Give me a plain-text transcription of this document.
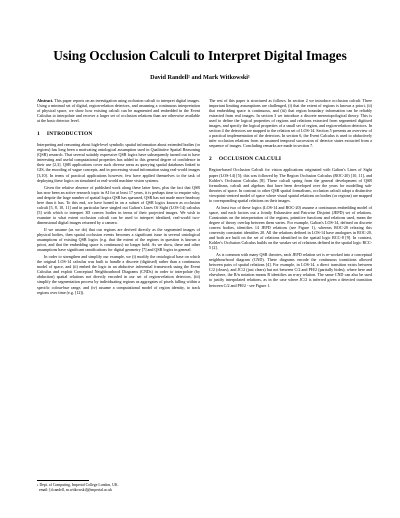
Using Occlusion Calculi to Interpret Digital Images
David Randell¹ and Mark Witkowski¹

Abstract. This paper reports on an investigation using occlusion calculi to interpret digital images. Using a minimal set of digital, region-relation detectors, and assuming a continuous interpretation of physical space, we show how existing calculi can be augmented and embedded in the Event Calculus to interpolate and recover a larger set of occlusion relations than are otherwise available at the basic detector level.

1 INTRODUCTION

Interpreting and reasoning about high-level symbolic spatial information about extended bodies (or regions) has long been a motivating ontological assumption used in Qualitative Spatial Reasoning (QSR) research. That several suitably expressive QSR logics have subsequently turned out to have interesting and useful computational properties has added to this general degree of confidence in their use [2,3]. QSR applications cover such diverse areas as querying spatial databases linked to GIS, the encoding of vague concepts, and in processing visual information using real-world images [3,10]. In terms of practical applications however, few have applied themselves to the task of deploying these logics on simulated or real-world machine vision systems.

Given the relative absence of published work along these latter lines, plus the fact that QSR has now been an active research topic in AI for at least 17 years, it is perhaps time to enquire why, and despite the large number of spatial logics QSR has spawned, QSR has not made more headway here than it has. To this end, we have honed in on a subset of QSR logics known as occlusion calculi [5, 8, 10, 11] and in particular have singled out Galton's Lines Of Sight (LOS-14) calculus [5] with which to interpret 3D convex bodies in terms of their projected images. We wish to examine to what extent occlusion calculi can be used to interpret idealised, real-world two-dimensional digital images returned by a camera.

If we assume (as we do) that our regions are derived directly as the segmented images of physical bodies, then spatial occlusion events becomes a significant issue in several ontological assumptions of existing QSR logics (e.g. that the extent of the regions in question is known a priori, and that the embedding space is continuous) no longer hold. As we show, these and other assumptions have significant ramifications for digital geometry [7] and QSR logics in general.

In order to strengthen and simplify our example, we (i) modify the ontological base on which the original LOS-14 calculus was built to handle a discrete (digitised) rather than a continuous model of space, and (ii) embed the logic in an abductive inferential framework using the Event Calculus and exploit Conceptual Neighbourhood Diagrams (CNDs) in order to interpolate (by abduction) spatial relations not directly encoded in our set of region-relation detectors, (iii) simplify the segmentation process by individuating regions as aggregates of pixels falling within a specific colour-hue range, and (iv) assume a computational model of region identity, to track regions over time (e.g. [12]).

The rest of this paper is structured as follows. In section 2 we introduce occlusion calculi. Three important limiting assumptions are challenged, (i) that the extent of regions is known a priori, (ii) that embedding space is continuous, and (iii) that region boundary information can be reliably extracted from real images. In section 3 we introduce a discrete mereotopological theory. This is used to define the logical properties of regions and relations extracted from segmented digitised images, and specify the logical properties of a small set of region, and region-relation detectors. In section 4 the detectors are mapped to the relation set of LOS-14. Section 5 presents an overview of a practical implementation of the detectors. In section 6, the Event Calculus is used to abductively infer occlusion relations from an assumed temporal succession of detector states extracted from a sequence of images. Concluding remarks are made in section 7.

2 OCCLUSION CALCULI

Region-based Occlusion Calculi for vision applications originated with Galton's Lines of Sight paper (LOS-14) [5]; this was followed by The Region Occlusion Calculus (ROC-20) [10, 11], and Kohler's Occlusion Calculus [8]. These calculi spring from the general development of QSR formalisms, calculi and algebras that have been developed over the years for modelling sub-theories of space. In contrast to other QSR spatial formalisms, occlusion calculi adopt a distinctive viewpoint-centred model of space where visual spatial relations on bodies (or regions) are mapped to corresponding spatial relations on their images.

At least two of these logics (LOS-14 and ROC-20) assume a continuous embedding model of space, and each factors out a Jointly Exhaustive and Pairwise Disjoint (JEPD) set of relations. Constraints on the interpretation of the regions, primitive functions and relations used, mean the degree of theory overlap between them varies. For example, Galton's LOS-14, defined on discrete convex bodies, identifies 14 JEPD relations (see Figure 1), whereas ROC-20 relaxing this convexity constraint identifies 20. All the relations defined in LOS-14 have analogues in ROC-20, and both are built on the set of relations identified in the spatial logic RCC-8 [9]. In contrast, Kohler's Occlusion Calculus builds on the weaker set of relations defined in the spatial logic RCC-5 [2].

As is common with many QSR theories, each JEPD relation set is re-worked into a conceptual neighbourhood diagram (CND). These diagrams encode the continuous transitions allowed between pairs of spatial relations [4]. For example, in LOS-14, a direct transition exists between C/2 (clears), and JC/2 (just clears) but not between C/2 and PH/2 (partially hides); where here and elsewhere, the R/n notation means R identifies an n-ary relation. The same CND can also be used to justify interpolated relations, as in the case where JC/2 is inferred given a detected transition between C/2 and PH/2 - see Figure 1.

$^1$ Dept. of Computing, Imperial College London, UK.
email: [d.randell, m.witkowski]@imperial.ac.uk
